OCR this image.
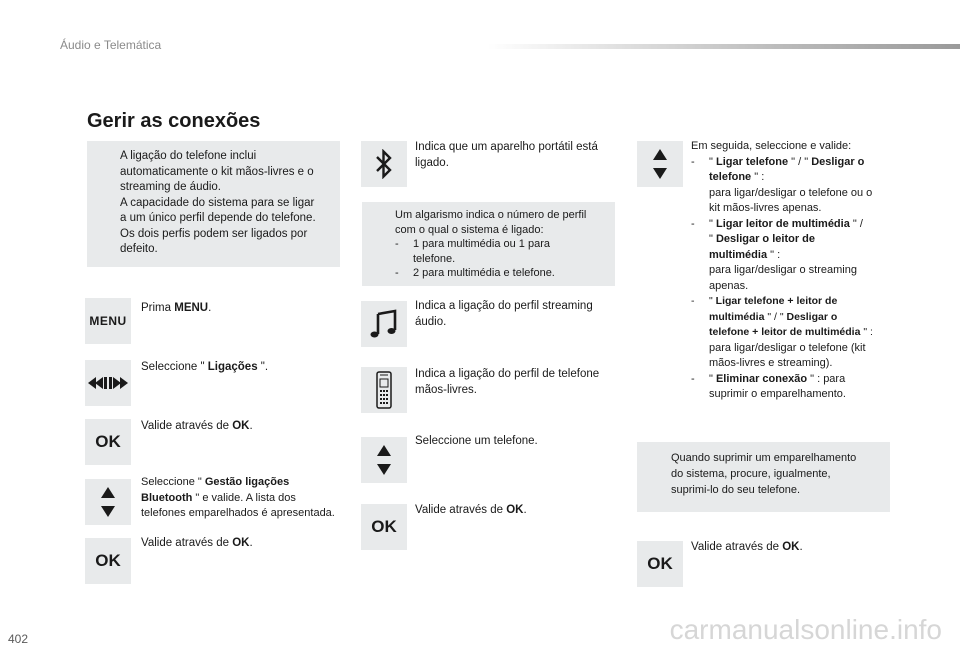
Áudio e Telemática
Gerir as conexões
A ligação do telefone inclui
automaticamente o kit mãos-livres e o
streaming de áudio.
A capacidade do sistema para se ligar
a um único perfil depende do telefone.
Os dois perfis podem ser ligados por
defeito.
MENU
Prima MENU.
Seleccione " Ligações ".
OK
Valide através de OK.
Seleccione " Gestão ligações
Bluetooth " e valide. A lista dos
telefones emparelhados é apresentada.
OK
Valide através de OK.
Indica que um aparelho portátil está
ligado.
Um algarismo indica o número de perfil
com o qual o sistema é ligado:
-	1 para multimédia ou 1 para
telefone.
-	2 para multimédia e telefone.
Indica a ligação do perfil streaming
áudio.
Indica a ligação do perfil de telefone
mãos-livres.
Seleccione um telefone.
OK
Valide através de OK.
Em seguida, seleccione e valide:
-	" Ligar telefone " / " Desligar o
telefone " :
para ligar/desligar o telefone ou o
kit mãos-livres apenas.
-	" Ligar leitor de multimédia " /
" Desligar o leitor de
multimédia " :
para ligar/desligar o streaming
apenas.
-	" Ligar telefone + leitor de
multimédia " / " Desligar o
telefone + leitor de multimédia " :
para ligar/desligar o telefone (kit
mãos-livres e streaming).
-	" Eliminar conexão " : para
suprimir o emparelhamento.
Quando suprimir um emparelhamento
do sistema, procure, igualmente,
suprimi-lo do seu telefone.
OK
Valide através de OK.
402	carmanualsonline.info
